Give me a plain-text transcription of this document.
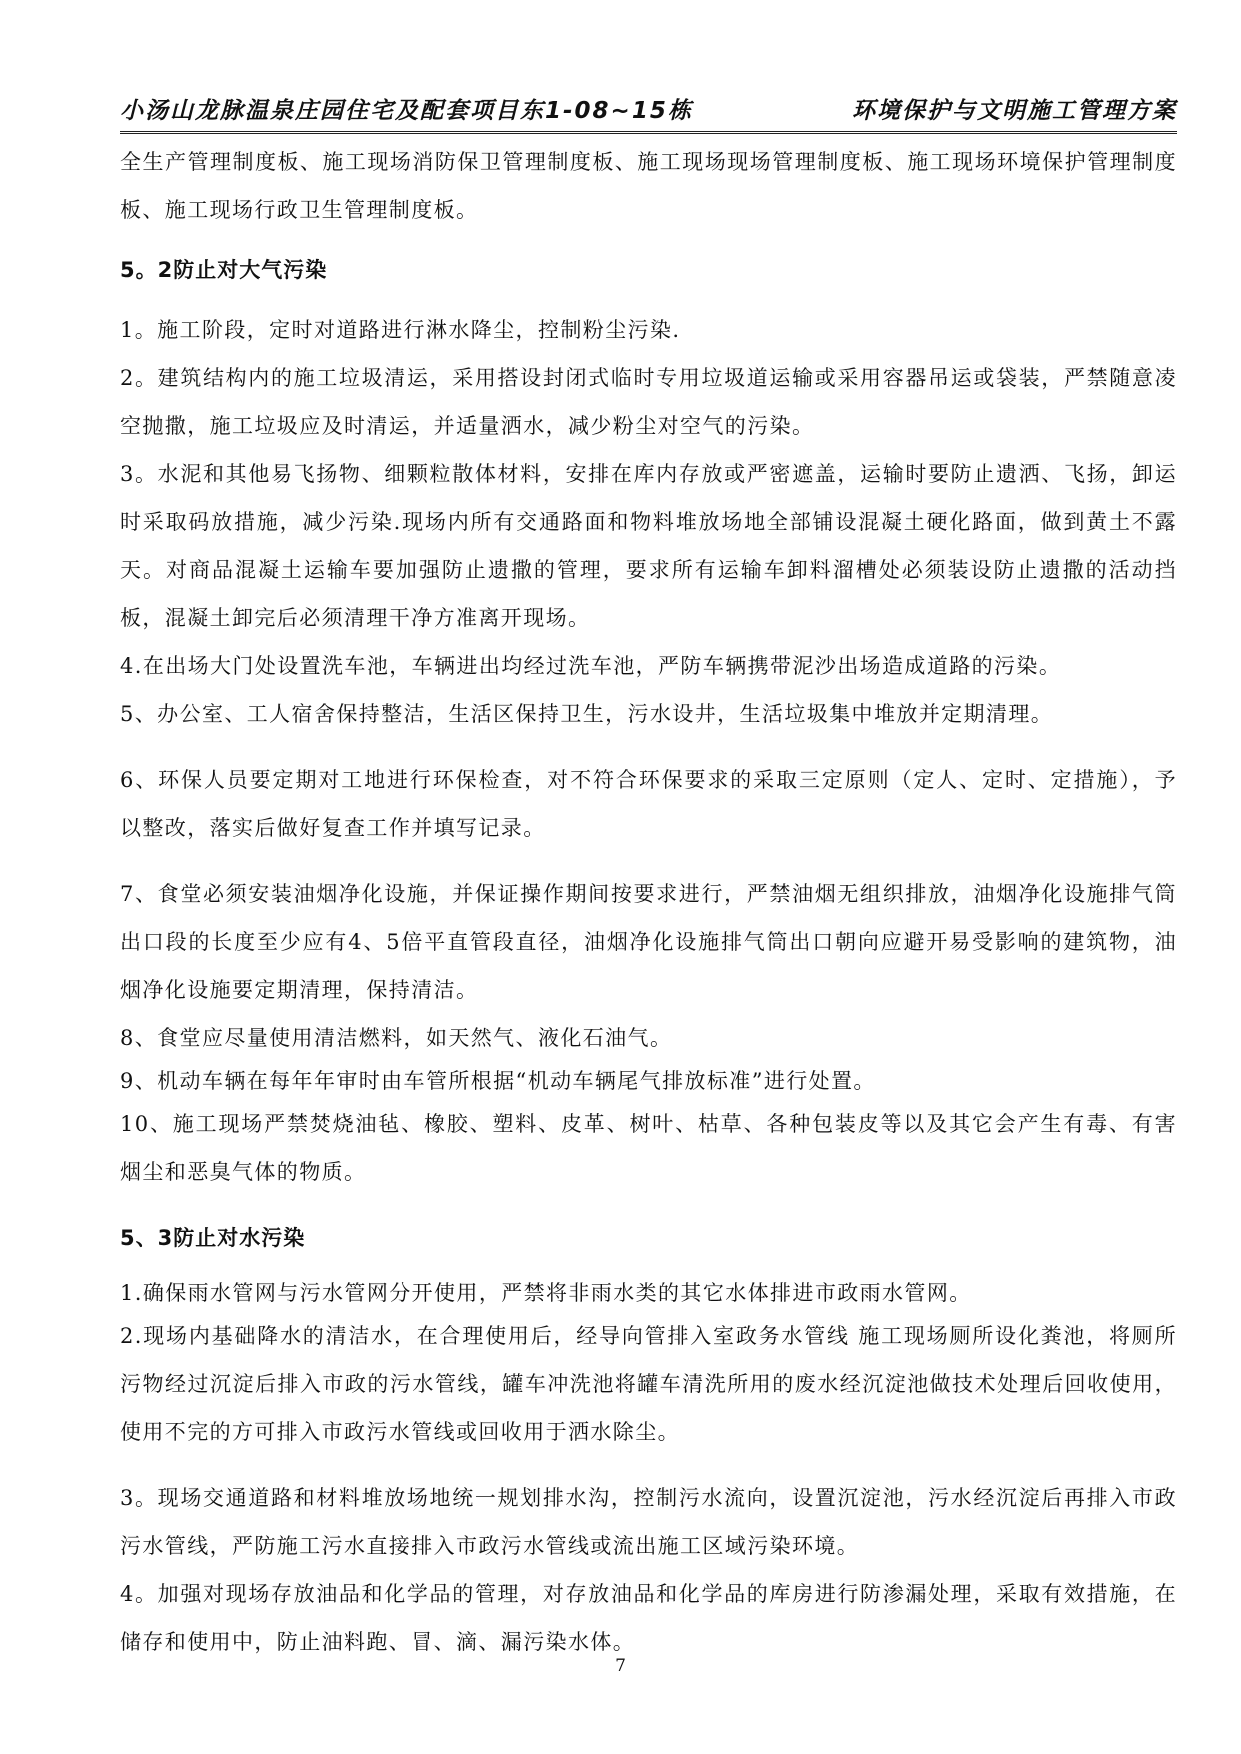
小汤山龙脉温泉庄园住宅及配套项目东1-08~15栋	环境保护与文明施工管理方案

全生产管理制度板、施工现场消防保卫管理制度板、施工现场现场管理制度板、施工现场环境保护管理制度板、施工现场行政卫生管理制度板。

5。2防止对大气污染

1。施工阶段，定时对道路进行淋水降尘，控制粉尘污染.

2。建筑结构内的施工垃圾清运，采用搭设封闭式临时专用垃圾道运输或采用容器吊运或袋装，严禁随意凌空抛撒，施工垃圾应及时清运，并适量洒水，减少粉尘对空气的污染。

3。水泥和其他易飞扬物、细颗粒散体材料，安排在库内存放或严密遮盖，运输时要防止遗洒、飞扬，卸运时采取码放措施，减少污染.现场内所有交通路面和物料堆放场地全部铺设混凝土硬化路面，做到黄土不露天。对商品混凝土运输车要加强防止遗撒的管理，要求所有运输车卸料溜槽处必须装设防止遗撒的活动挡板，混凝土卸完后必须清理干净方准离开现场。

4.在出场大门处设置洗车池，车辆进出均经过洗车池，严防车辆携带泥沙出场造成道路的污染。

5、办公室、工人宿舍保持整洁，生活区保持卫生，污水设井，生活垃圾集中堆放并定期清理。

6、环保人员要定期对工地进行环保检查，对不符合环保要求的采取三定原则（定人、定时、定措施），予以整改，落实后做好复查工作并填写记录。

7、食堂必须安装油烟净化设施，并保证操作期间按要求进行，严禁油烟无组织排放，油烟净化设施排气筒出口段的长度至少应有4、5倍平直管段直径，油烟净化设施排气筒出口朝向应避开易受影响的建筑物，油烟净化设施要定期清理，保持清洁。

8、食堂应尽量使用清洁燃料，如天然气、液化石油气。

9、机动车辆在每年年审时由车管所根据“机动车辆尾气排放标准”进行处置。

10、施工现场严禁焚烧油毡、橡胶、塑料、皮革、树叶、枯草、各种包装皮等以及其它会产生有毒、有害烟尘和恶臭气体的物质。

5、3防止对水污染

1.确保雨水管网与污水管网分开使用，严禁将非雨水类的其它水体排进市政雨水管网。

2.现场内基础降水的清洁水，在合理使用后，经导向管排入室政务水管线 施工现场厕所设化粪池，将厕所污物经过沉淀后排入市政的污水管线，罐车冲洗池将罐车清洗所用的废水经沉淀池做技术处理后回收使用，使用不完的方可排入市政污水管线或回收用于洒水除尘。

3。现场交通道路和材料堆放场地统一规划排水沟，控制污水流向，设置沉淀池，污水经沉淀后再排入市政污水管线，严防施工污水直接排入市政污水管线或流出施工区域污染环境。

4。加强对现场存放油品和化学品的管理，对存放油品和化学品的库房进行防渗漏处理，采取有效措施，在储存和使用中，防止油料跑、冒、滴、漏污染水体。

7
